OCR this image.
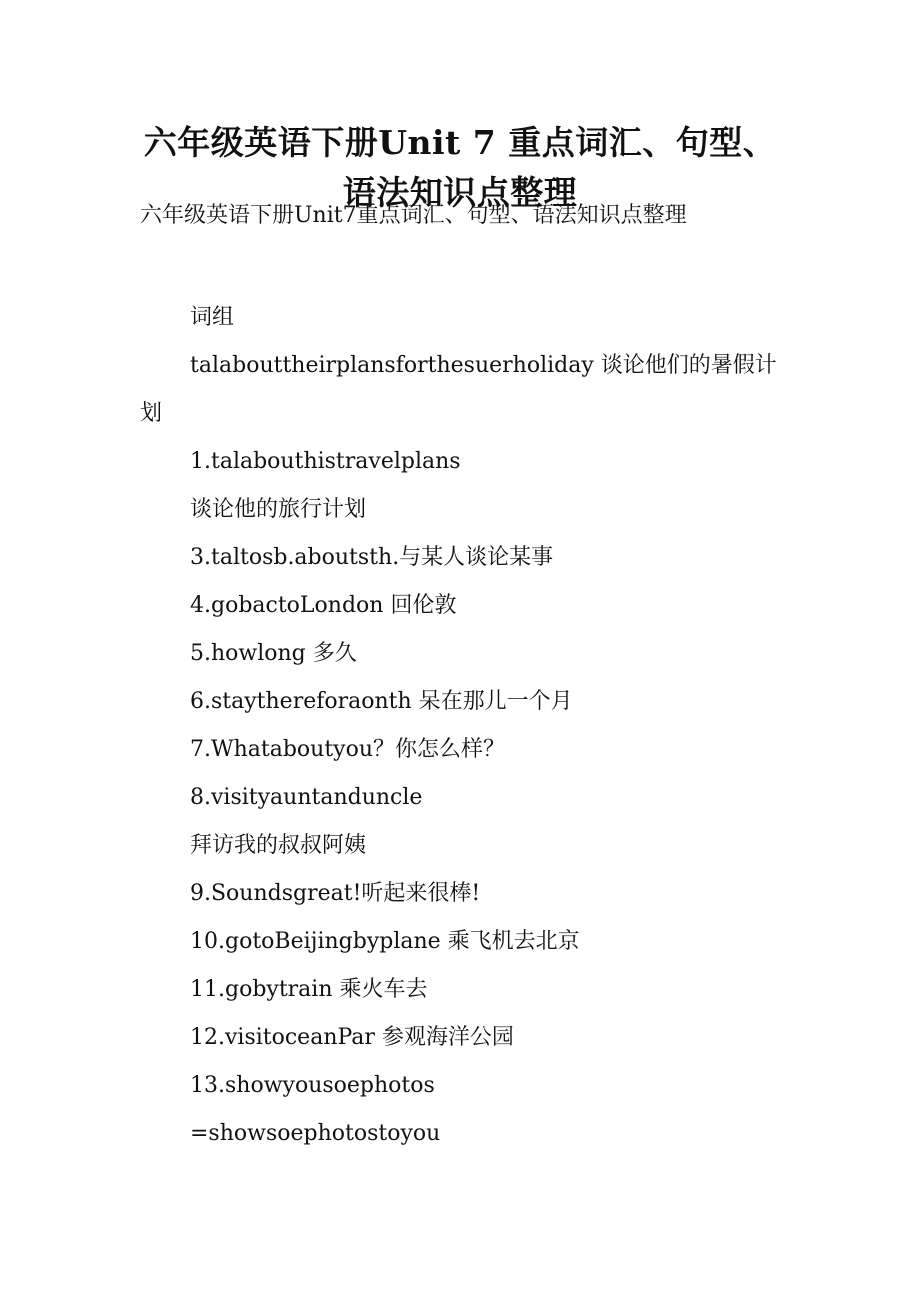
六年级英语下册Unit 7 重点词汇、句型、语法知识点整理
六年级英语下册Unit7重点词汇、句型、语法知识点整理

词组

talabouttheirplansforthesuerholiday 谈论他们的暑假计划

1.talabouthistravelplans

谈论他的旅行计划

3.taltosb.aboutsth.与某人谈论某事

4.gobactoLondon 回伦敦

5.howlong 多久

6.staythereforaonth 呆在那儿一个月

7.Whataboutyou？你怎么样？

8.visityauntanduncle

拜访我的叔叔阿姨

9.Soundsgreat!听起来很棒!

10.gotoBeijingbyplane 乘飞机去北京

11.gobytrain 乘火车去

12.visitoceanPar 参观海洋公园

13.showyousoephotos

=showsoephotostoyou
